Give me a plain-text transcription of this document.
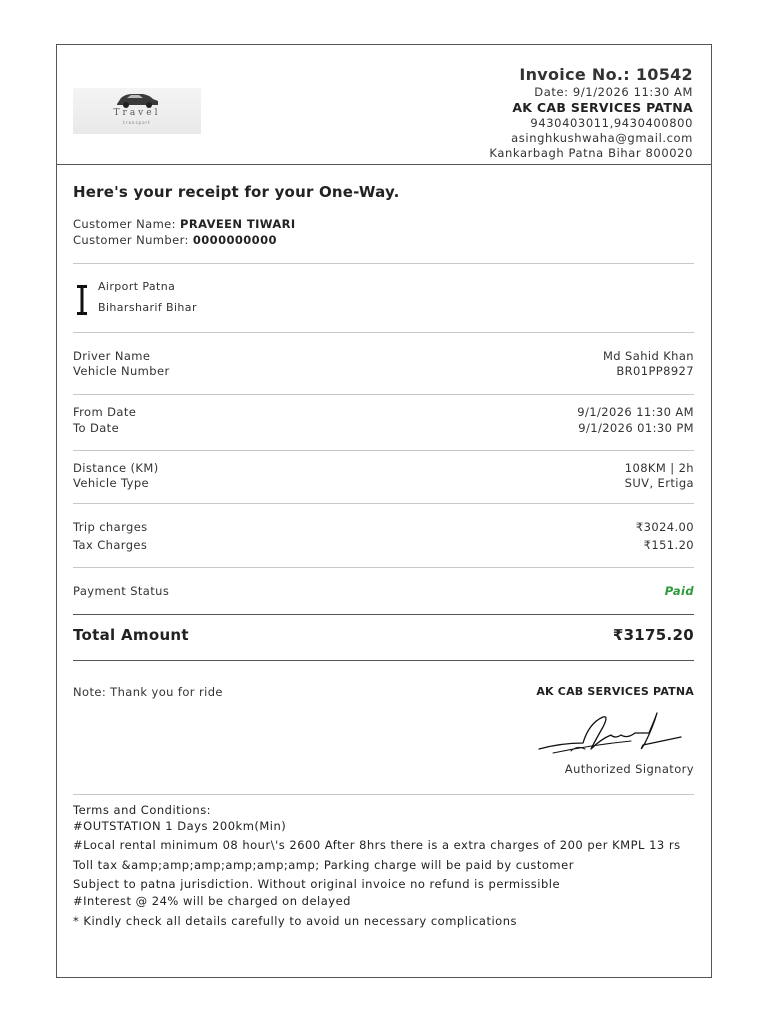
Travel
transport
Invoice No.: 10542
Date: 9/1/2026 11:30 AM
AK CAB SERVICES PATNA
9430403011,9430400800
asinghkushwaha@gmail.com
Kankarbagh Patna Bihar 800020
Here's your receipt for your One-Way.
Customer Name: PRAVEEN TIWARI
Customer Number: 0000000000
Airport Patna
Biharsharif Bihar
Driver Name	Md Sahid Khan
Vehicle Number	BR01PP8927
From Date	9/1/2026 11:30 AM
To Date	9/1/2026 01:30 PM
Distance (KM)	108KM | 2h
Vehicle Type	SUV, Ertiga
Trip charges	₹3024.00
Tax Charges	₹151.20
Payment Status	Paid
Total Amount	₹3175.20
Note: Thank you for ride	AK CAB SERVICES PATNA
Authorized Signatory

Terms and Conditions:

#OUTSTATION 1 Days 200km(Min)

#Local rental minimum 08 hour\'s 2600 After 8hrs there is a extra charges of 200 per KMPL 13 rs

Toll tax &amp;amp;amp;amp;amp;amp; Parking charge will be paid by customer

Subject to patna jurisdiction. Without original invoice no refund is permissible

#Interest @ 24% will be charged on delayed

* Kindly check all details carefully to avoid un necessary complications
